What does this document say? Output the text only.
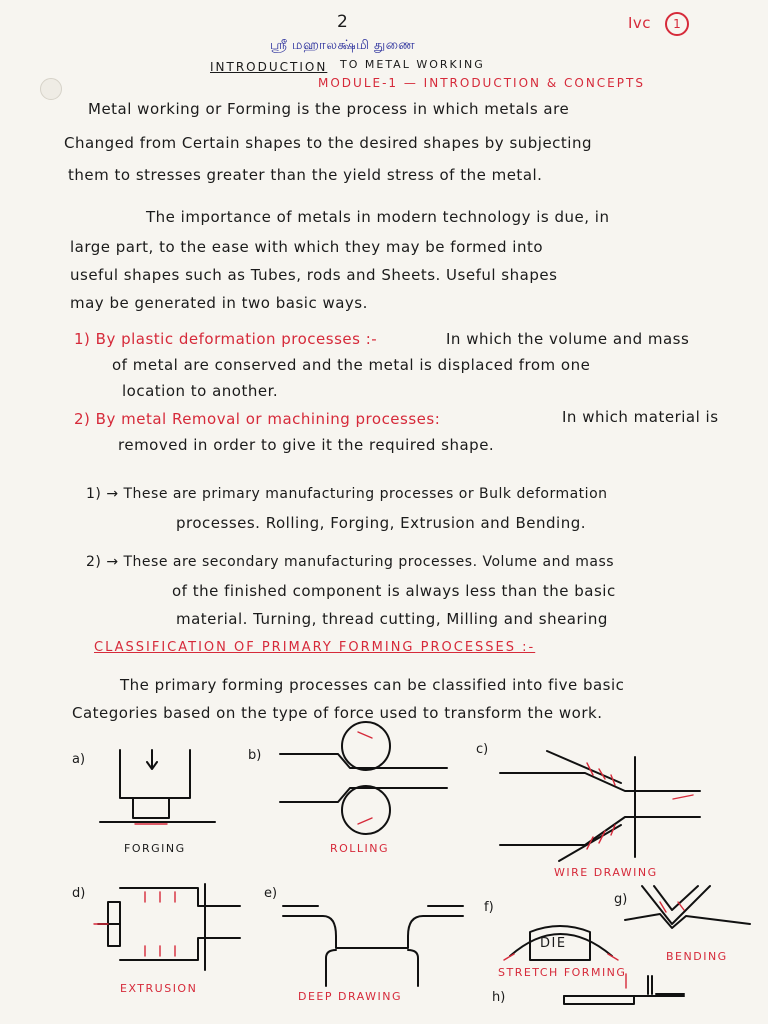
2	Ivc	1
ஸ்ரீ மஹாலக்ஷ்மி துணை
INTRODUCTION TO METAL WORKING
MODULE-1 — INTRODUCTION & CONCEPTS
Metal working or Forming is the process in which metals are
Changed from Certain shapes to the desired shapes by subjecting
them to stresses greater than the yield stress of the metal.
The importance of metals in modern technology is due, in
large part, to the ease with which they may be formed into
useful shapes such as Tubes, rods and Sheets. Useful shapes
may be generated in two basic ways.
1) By plastic deformation processes :-	In which the volume and mass
of metal are conserved and the metal is displaced from one
location to another.
2) By metal Removal or machining processes:	In which material is
removed in order to give it the required shape.
1) → These are primary manufacturing processes or Bulk deformation
processes. Rolling, Forging, Extrusion and Bending.
2) → These are secondary manufacturing processes. Volume and mass
of the finished component is always less than the basic
material. Turning, thread cutting, Milling and shearing
CLASSIFICATION OF PRIMARY FORMING PROCESSES :-
The primary forming processes can be classified into five basic
Categories based on the type of force used to transform the work.
a)
FORGING
b)
ROLLING
c)
WIRE DRAWING
d)
EXTRUSION
e)
DEEP DRAWING
f)
DIE
STRETCH FORMING
g)
BENDING
h)
